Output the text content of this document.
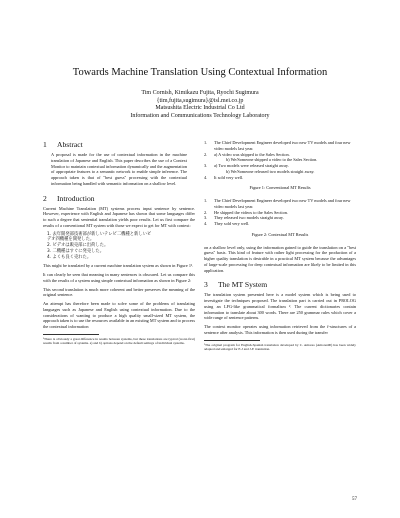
Towards Machine Translation Using Contextual Information
Tim Cornish, Kimikazu Fujita, Ryochi Sugimura
{tim,fujita,sugimura}@isl.mei.co.jp
Matsushita Electric Industrial Co Ltd
Information and Communications Technology Laboratory
1 Abstract

A proposal is made for the use of contextual information in the machine translation of Japanese and English. This paper describes the use of a Context Monitor to maintain contextual information dynamically and the augmentation of appropriate features to a semantic network to enable simple inference. The approach taken is that of "best guess" processing with the contextual information being handled with semantic information on a shallow level.

2 Introduction

Current Machine Translation (MT) systems process input sentence by sentence. However, experience with English and Japanese has shown that some languages differ to such a degree that sentential translation yields poor results. Let us first compare the results of a conventional MT system with those we expect to get for MT with context:

1. 去年開発部技術部が新しいテレビ二機種と新しいビ
デオ四機種を開発した。
2. ビデオは販売部に出荷した。
3. 二機種はすぐに発売した。
4. よくも良く売れた。

This might be translated by a current machine translation system as shown in Figure 1¹.

It can clearly be seen that meaning in many sentences is obscured. Let us compare this with the results of a system using simple contextual information as shown in Figure 2:

This second translation is much more coherent and better preserves the meaning of the original sentence.

An attempt has therefore been made to solve some of the problems of translating languages such as Japanese and English using contextual information. Due to the considerations of wanting to produce a high quality small-sized MT system, the approach taken is to use the resources available in an existing MT system and to process the contextual information

¹There is obviously a great difference in results between systems, but these translations are typical (worst-first) results from a number of systems. a) and b) options depend on the default settings of individual systems.
1.	The Chief Development Engineer developed two new TV models and four new video models last year.
2.	a) A video was shipped to the Sales Section.
b) We/Someone shipped a video to the Sales Section.
3.	a) Two models were released straight away.
b) We/Someone released two models straight away.
4.	It sold very well.
Figure 1: Conventional MT Results
1.	The Chief Development Engineer developed two new TV models and four new video models last year.
2.	He shipped the videos to the Sales Section.
3.	They released two models straight away.
4.	They sold very well.
Figure 2: Contextual MT Results

on a shallow level only, using the information gained to guide the translation on a "best guess" basis. This kind of feature with rather light processing for the production of a higher quality translation is desirable in a practical MT system because the advantages of large-scale processing for deep contextual information are likely to be limited in this application.

3 The MT System

The translation system presented here is a model system which is being used to investigate the techniques proposed. The translation part is carried out in PROLOG using an LFG-like grammatical formalism ². The current dictionaries contain information to translate about 300 words. There are 250 grammar rules which cover a wide range of sentence patterns.

The context monitor operates using information retrieved from the f-structures of a sentence after analysis. This information is then used during the transfer

²The original program for English-Spanish translation developed by C. Amores (Amores90) has been widely adapted and enlarged for E-J and J-E translation.
57
